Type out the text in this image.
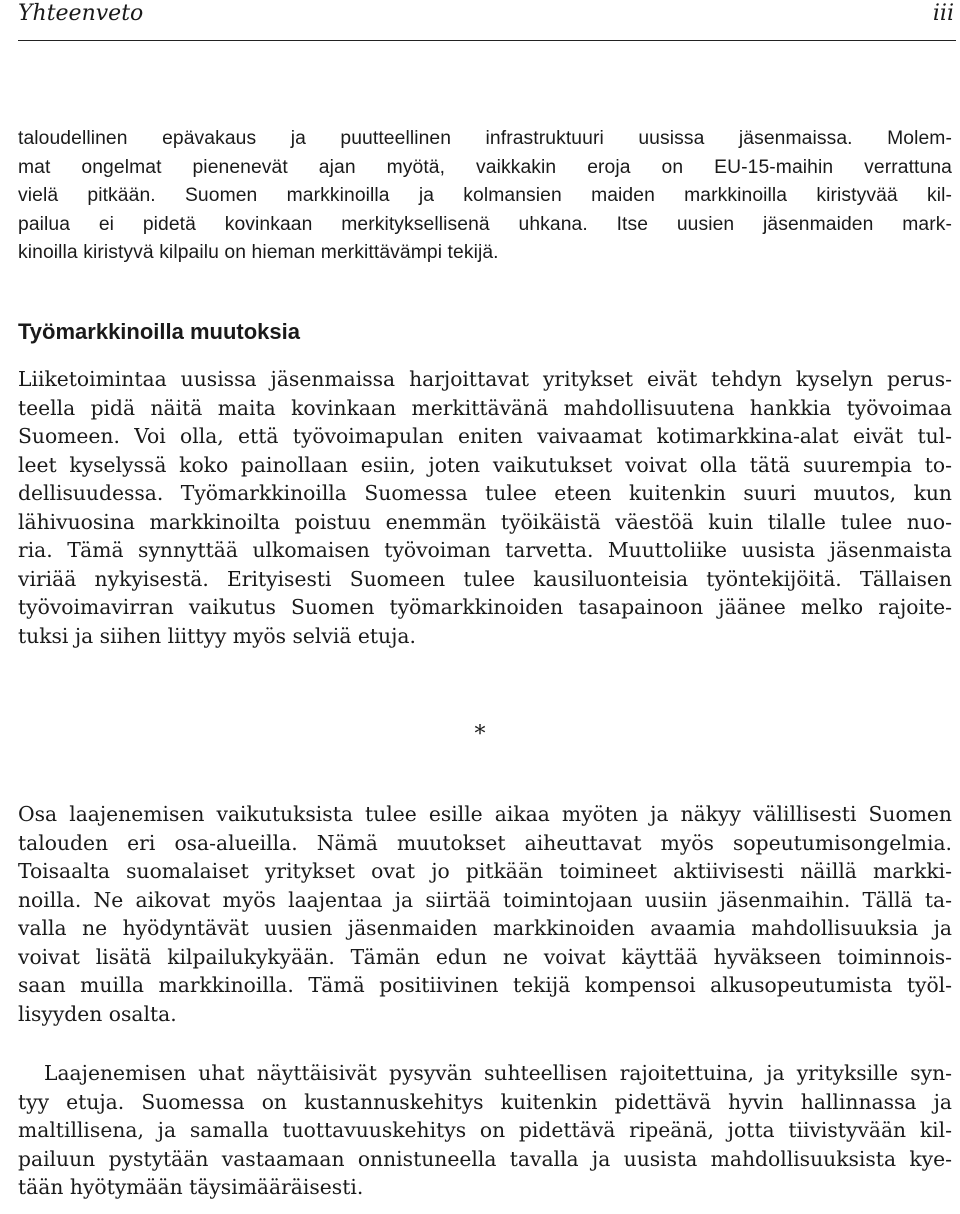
Yhteenveto	iii
taloudellinen epävakaus ja puutteellinen infrastruktuuri uusissa jäsenmaissa. Molem-
mat ongelmat pienenevät ajan myötä, vaikkakin eroja on EU-15-maihin verrattuna
vielä pitkään. Suomen markkinoilla ja kolmansien maiden markkinoilla kiristyvää kil-
pailua ei pidetä kovinkaan merkityksellisenä uhkana. Itse uusien jäsenmaiden mark-
kinoilla kiristyvä kilpailu on hieman merkittävämpi tekijä.
Työmarkkinoilla muutoksia
Liiketoimintaa uusissa jäsenmaissa harjoittavat yritykset eivät tehdyn kyselyn perus-
teella pidä näitä maita kovinkaan merkittävänä mahdollisuutena hankkia työvoimaa
Suomeen. Voi olla, että työvoimapulan eniten vaivaamat kotimarkkina-alat eivät tul-
leet kyselyssä koko painollaan esiin, joten vaikutukset voivat olla tätä suurempia to-
dellisuudessa. Työmarkkinoilla Suomessa tulee eteen kuitenkin suuri muutos, kun
lähivuosina markkinoilta poistuu enemmän työikäistä väestöä kuin tilalle tulee nuo-
ria. Tämä synnyttää ulkomaisen työvoiman tarvetta. Muuttoliike uusista jäsenmaista
viriää nykyisestä. Erityisesti Suomeen tulee kausiluonteisia työntekijöitä. Tällaisen
työvoimavirran vaikutus Suomen työmarkkinoiden tasapainoon jäänee melko rajoite-
tuksi ja siihen liittyy myös selviä etuja.
*
Osa laajenemisen vaikutuksista tulee esille aikaa myöten ja näkyy välillisesti Suomen
talouden eri osa-alueilla. Nämä muutokset aiheuttavat myös sopeutumisongelmia.
Toisaalta suomalaiset yritykset ovat jo pitkään toimineet aktiivisesti näillä markki-
noilla. Ne aikovat myös laajentaa ja siirtää toimintojaan uusiin jäsenmaihin. Tällä ta-
valla ne hyödyntävät uusien jäsenmaiden markkinoiden avaamia mahdollisuuksia ja
voivat lisätä kilpailukykyään. Tämän edun ne voivat käyttää hyväkseen toiminnois-
saan muilla markkinoilla. Tämä positiivinen tekijä kompensoi alkusopeutumista työl-
lisyyden osalta.
Laajenemisen uhat näyttäisivät pysyvän suhteellisen rajoitettuina, ja yrityksille syn-
tyy etuja. Suomessa on kustannuskehitys kuitenkin pidettävä hyvin hallinnassa ja
maltillisena, ja samalla tuottavuuskehitys on pidettävä ripeänä, jotta tiivistyvään kil-
pailuun pystytään vastaamaan onnistuneella tavalla ja uusista mahdollisuuksista kye-
tään hyötymään täysimääräisesti.
